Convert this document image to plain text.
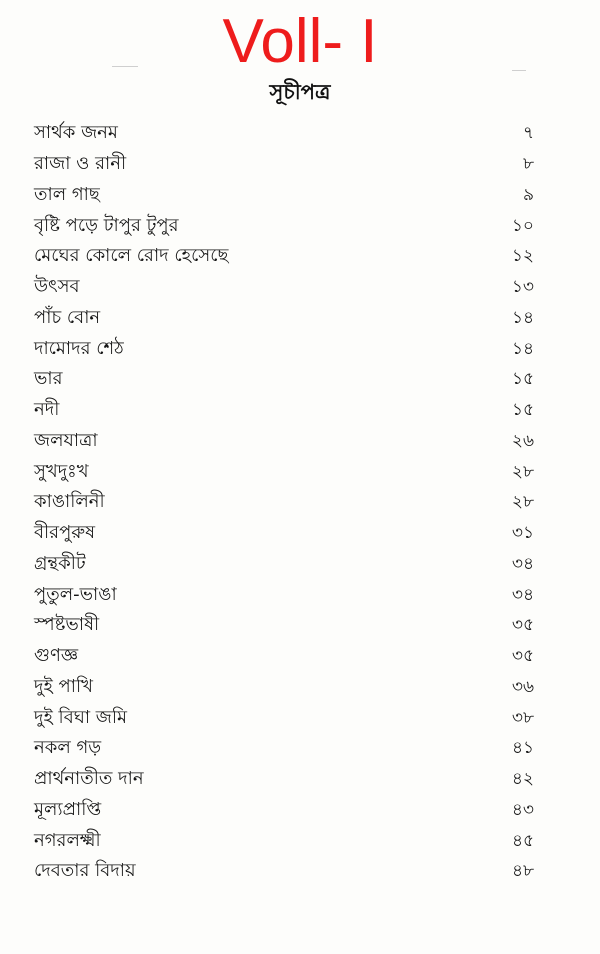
Voll- I
সূচীপত্র
সার্থক জনম	৭
রাজা ও রানী	৮
তাল গাছ	৯
বৃষ্টি পড়ে টাপুর টুপুর	১০
মেঘের কোলে রোদ হেসেছে	১২
উৎসব	১৩
পাঁচ বোন	১৪
দামোদর শেঠ	১৪
ভার	১৫
নদী	১৫
জলযাত্রা	২৬
সুখদুঃখ	২৮
কাঙালিনী	২৮
বীরপুরুষ	৩১
গ্রন্থকীট	৩৪
পুতুল-ভাঙা	৩৪
স্পষ্টভাষী	৩৫
গুণজ্ঞ	৩৫
দুই পাখি	৩৬
দুই বিঘা জমি	৩৮
নকল গড়	৪১
প্রার্থনাতীত দান	৪২
মূল্যপ্রাপ্তি	৪৩
নগরলক্ষ্মী	৪৫
দেবতার বিদায়	৪৮
